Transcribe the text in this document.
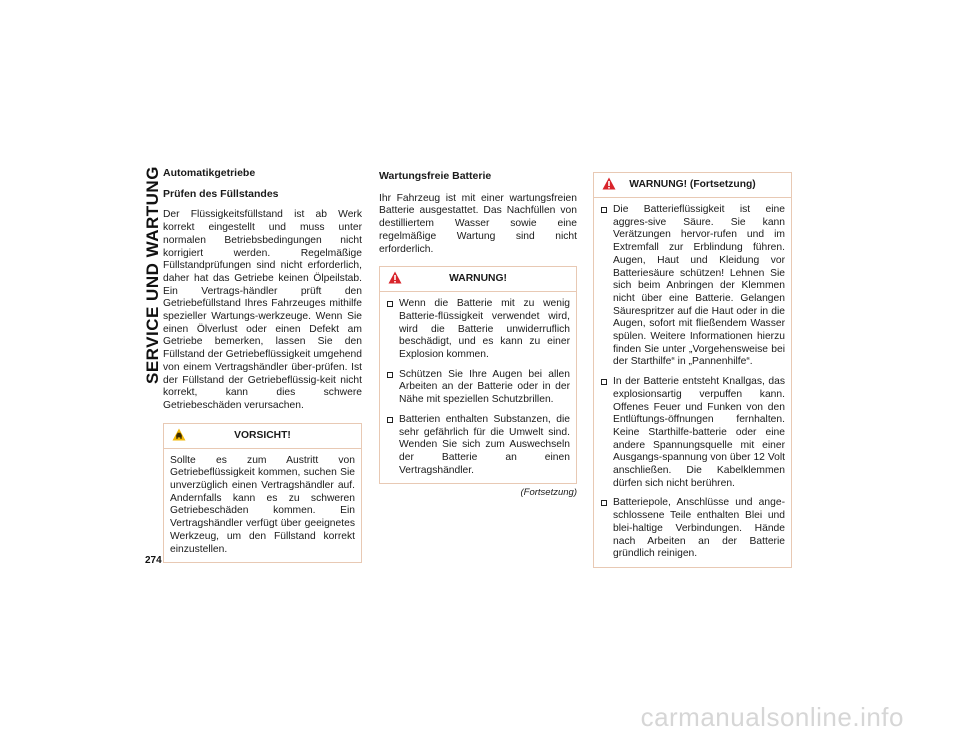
SERVICE UND WARTUNG
274
Automatikgetriebe
Prüfen des Füllstandes

Der Flüssigkeitsfüllstand ist ab Werk korrekt eingestellt und muss unter normalen Betriebsbedingungen nicht korrigiert werden. Regelmäßige Füllstandprüfungen sind nicht erforderlich, daher hat das Getriebe keinen Ölpeilstab. Ein Vertrags-händler prüft den Getriebefüllstand Ihres Fahrzeuges mithilfe spezieller Wartungs-werkzeuge. Wenn Sie einen Ölverlust oder einen Defekt am Getriebe bemerken, lassen Sie den Füllstand der Getriebeflüssigkeit umgehend von einem Vertragshändler über-prüfen. Ist der Füllstand der Getriebeflüssig-keit nicht korrekt, kann dies schwere Getriebeschäden verursachen.

VORSICHT!

Sollte es zum Austritt von Getriebeflüssigkeit kommen, suchen Sie unverzüglich einen Vertragshändler auf. Andernfalls kann es zu schweren Getriebeschäden kommen. Ein Vertragshändler verfügt über geeignetes Werkzeug, um den Füllstand korrekt einzustellen.

Wartungsfreie Batterie

Ihr Fahrzeug ist mit einer wartungsfreien Batterie ausgestattet. Das Nachfüllen von destilliertem Wasser sowie eine regelmäßige Wartung sind nicht erforderlich.

WARNUNG!
Wenn die Batterie mit zu wenig Batterie-flüssigkeit verwendet wird, wird die Batterie unwiderruflich beschädigt, und es kann zu einer Explosion kommen.
Schützen Sie Ihre Augen bei allen Arbeiten an der Batterie oder in der Nähe mit speziellen Schutzbrillen.
Batterien enthalten Substanzen, die sehr gefährlich für die Umwelt sind. Wenden Sie sich zum Auswechseln der Batterie an einen Vertragshändler.
(Fortsetzung)
WARNUNG! (Fortsetzung)
Die Batterieflüssigkeit ist eine aggres-sive Säure. Sie kann Verätzungen hervor-rufen und im Extremfall zur Erblindung führen. Augen, Haut und Kleidung vor Batteriesäure schützen! Lehnen Sie sich beim Anbringen der Klemmen nicht über eine Batterie. Gelangen Säurespritzer auf die Haut oder in die Augen, sofort mit fließendem Wasser spülen. Weitere Informationen hierzu finden Sie unter „Vorgehensweise bei der Starthilfe“ in „Pannenhilfe“.
In der Batterie entsteht Knallgas, das explosionsartig verpuffen kann. Offenes Feuer und Funken von den Entlüftungs-öffnungen fernhalten. Keine Starthilfe-batterie oder eine andere Spannungsquelle mit einer Ausgangs-spannung von über 12 Volt anschließen. Die Kabelklemmen dürfen sich nicht berühren.
Batteriepole, Anschlüsse und ange-schlossene Teile enthalten Blei und blei-haltige Verbindungen. Hände nach Arbeiten an der Batterie gründlich reinigen.
carmanualsonline.info
